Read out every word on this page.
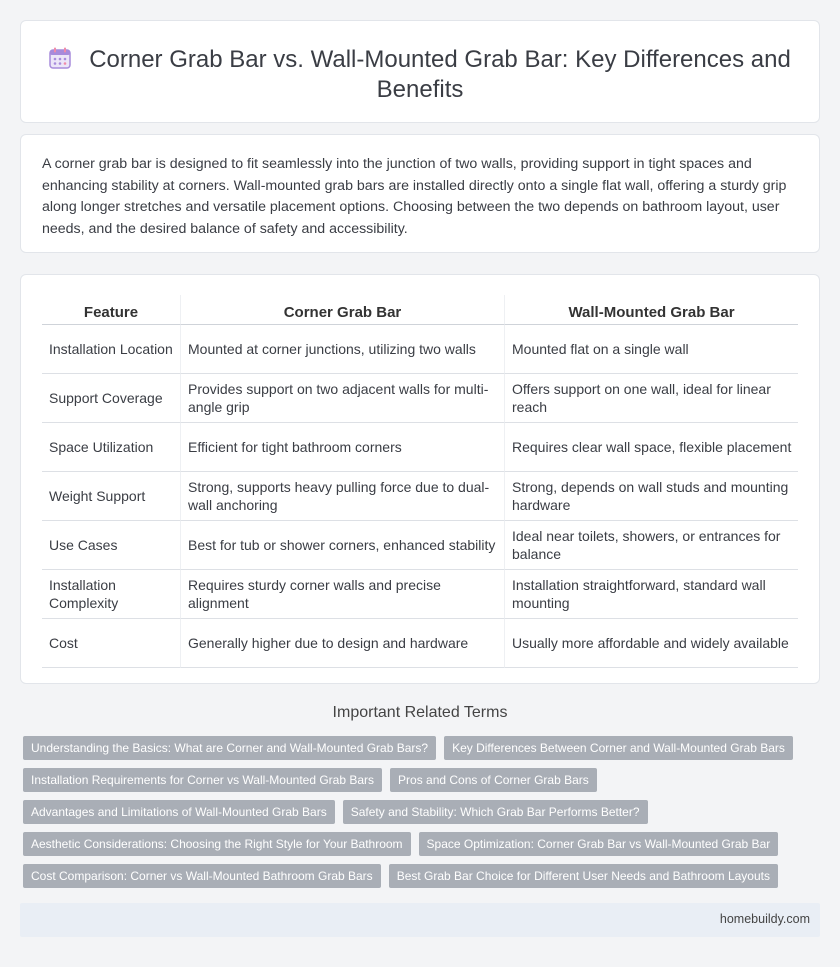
Corner Grab Bar vs. Wall-Mounted Grab Bar: Key Differences and Benefits

A corner grab bar is designed to fit seamlessly into the junction of two walls, providing support in tight spaces and enhancing stability at corners. Wall-mounted grab bars are installed directly onto a single flat wall, offering a sturdy grip along longer stretches and versatile placement options. Choosing between the two depends on bathroom layout, user needs, and the desired balance of safety and accessibility.

Feature	Corner Grab Bar	Wall-Mounted Grab Bar
Installation Location	Mounted at corner junctions, utilizing two walls	Mounted flat on a single wall
Support Coverage	Provides support on two adjacent walls for multi-angle grip	Offers support on one wall, ideal for linear reach
Space Utilization	Efficient for tight bathroom corners	Requires clear wall space, flexible placement
Weight Support	Strong, supports heavy pulling force due to dual-wall anchoring	Strong, depends on wall studs and mounting hardware
Use Cases	Best for tub or shower corners, enhanced stability	Ideal near toilets, showers, or entrances for balance
Installation Complexity	Requires sturdy corner walls and precise alignment	Installation straightforward, standard wall mounting
Cost	Generally higher due to design and hardware	Usually more affordable and widely available
Important Related Terms
Understanding the Basics: What are Corner and Wall-Mounted Grab Bars?	Key Differences Between Corner and Wall-Mounted Grab Bars
Installation Requirements for Corner vs Wall-Mounted Grab Bars	Pros and Cons of Corner Grab Bars
Advantages and Limitations of Wall-Mounted Grab Bars	Safety and Stability: Which Grab Bar Performs Better?
Aesthetic Considerations: Choosing the Right Style for Your Bathroom	Space Optimization: Corner Grab Bar vs Wall-Mounted Grab Bar
Cost Comparison: Corner vs Wall-Mounted Bathroom Grab Bars	Best Grab Bar Choice for Different User Needs and Bathroom Layouts
homebuildy.com
